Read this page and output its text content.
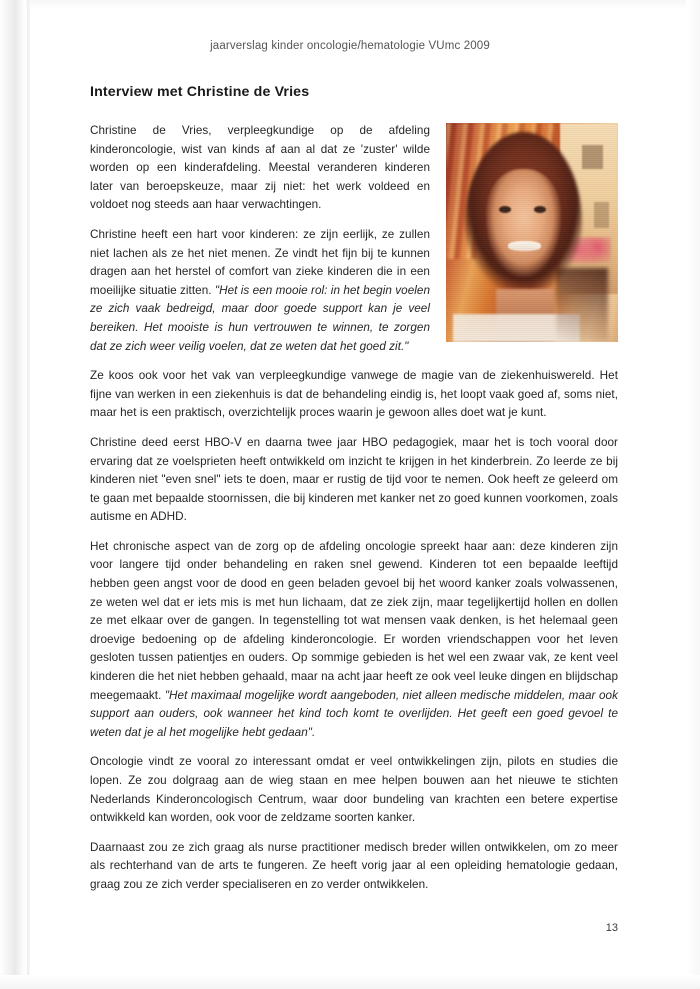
jaarverslag kinder oncologie/hematologie VUmc 2009
Interview met Christine de Vries

Christine de Vries, verpleegkundige op de afdeling kinderoncologie, wist van kinds af aan al dat ze 'zuster' wilde worden op een kinderafdeling. Meestal veranderen kinderen later van beroepskeuze, maar zij niet: het werk voldeed en voldoet nog steeds aan haar verwachtingen.

Christine heeft een hart voor kinderen: ze zijn eerlijk, ze zullen niet lachen als ze het niet menen. Ze vindt het fijn bij te kunnen dragen aan het herstel of comfort van zieke kinderen die in een moeilijke situatie zitten. "Het is een mooie rol: in het begin voelen ze zich vaak bedreigd, maar door goede support kan je veel bereiken. Het mooiste is hun vertrouwen te winnen, te zorgen dat ze zich weer veilig voelen, dat ze weten dat het goed zit."

Ze koos ook voor het vak van verpleegkundige vanwege de magie van de ziekenhuiswereld. Het fijne van werken in een ziekenhuis is dat de behandeling eindig is, het loopt vaak goed af, soms niet, maar het is een praktisch, overzichtelijk proces waarin je gewoon alles doet wat je kunt.

Christine deed eerst HBO-V en daarna twee jaar HBO pedagogiek, maar het is toch vooral door ervaring dat ze voelsprieten heeft ontwikkeld om inzicht te krijgen in het kinderbrein. Zo leerde ze bij kinderen niet "even snel" iets te doen, maar er rustig de tijd voor te nemen. Ook heeft ze geleerd om te gaan met bepaalde stoornissen, die bij kinderen met kanker net zo goed kunnen voorkomen, zoals autisme en ADHD.

Het chronische aspect van de zorg op de afdeling oncologie spreekt haar aan: deze kinderen zijn voor langere tijd onder behandeling en raken snel gewend. Kinderen tot een bepaalde leeftijd hebben geen angst voor de dood en geen beladen gevoel bij het woord kanker zoals volwassenen, ze weten wel dat er iets mis is met hun lichaam, dat ze ziek zijn, maar tegelijkertijd hollen en dollen ze met elkaar over de gangen. In tegenstelling tot wat mensen vaak denken, is het helemaal geen droevige bedoening op de afdeling kinderoncologie. Er worden vriendschappen voor het leven gesloten tussen patientjes en ouders. Op sommige gebieden is het wel een zwaar vak, ze kent veel kinderen die het niet hebben gehaald, maar na acht jaar heeft ze ook veel leuke dingen en blijdschap meegemaakt. "Het maximaal mogelijke wordt aangeboden, niet alleen medische middelen, maar ook support aan ouders, ook wanneer het kind toch komt te overlijden. Het geeft een goed gevoel te weten dat je al het mogelijke hebt gedaan".

Oncologie vindt ze vooral zo interessant omdat er veel ontwikkelingen zijn, pilots en studies die lopen. Ze zou dolgraag aan de wieg staan en mee helpen bouwen aan het nieuwe te stichten Nederlands Kinderoncologisch Centrum, waar door bundeling van krachten een betere expertise ontwikkeld kan worden, ook voor de zeldzame soorten kanker.

Daarnaast zou ze zich graag als nurse practitioner medisch breder willen ontwikkelen, om zo meer als rechterhand van de arts te fungeren. Ze heeft vorig jaar al een opleiding hematologie gedaan, graag zou ze zich verder specialiseren en zo verder ontwikkelen.

13
